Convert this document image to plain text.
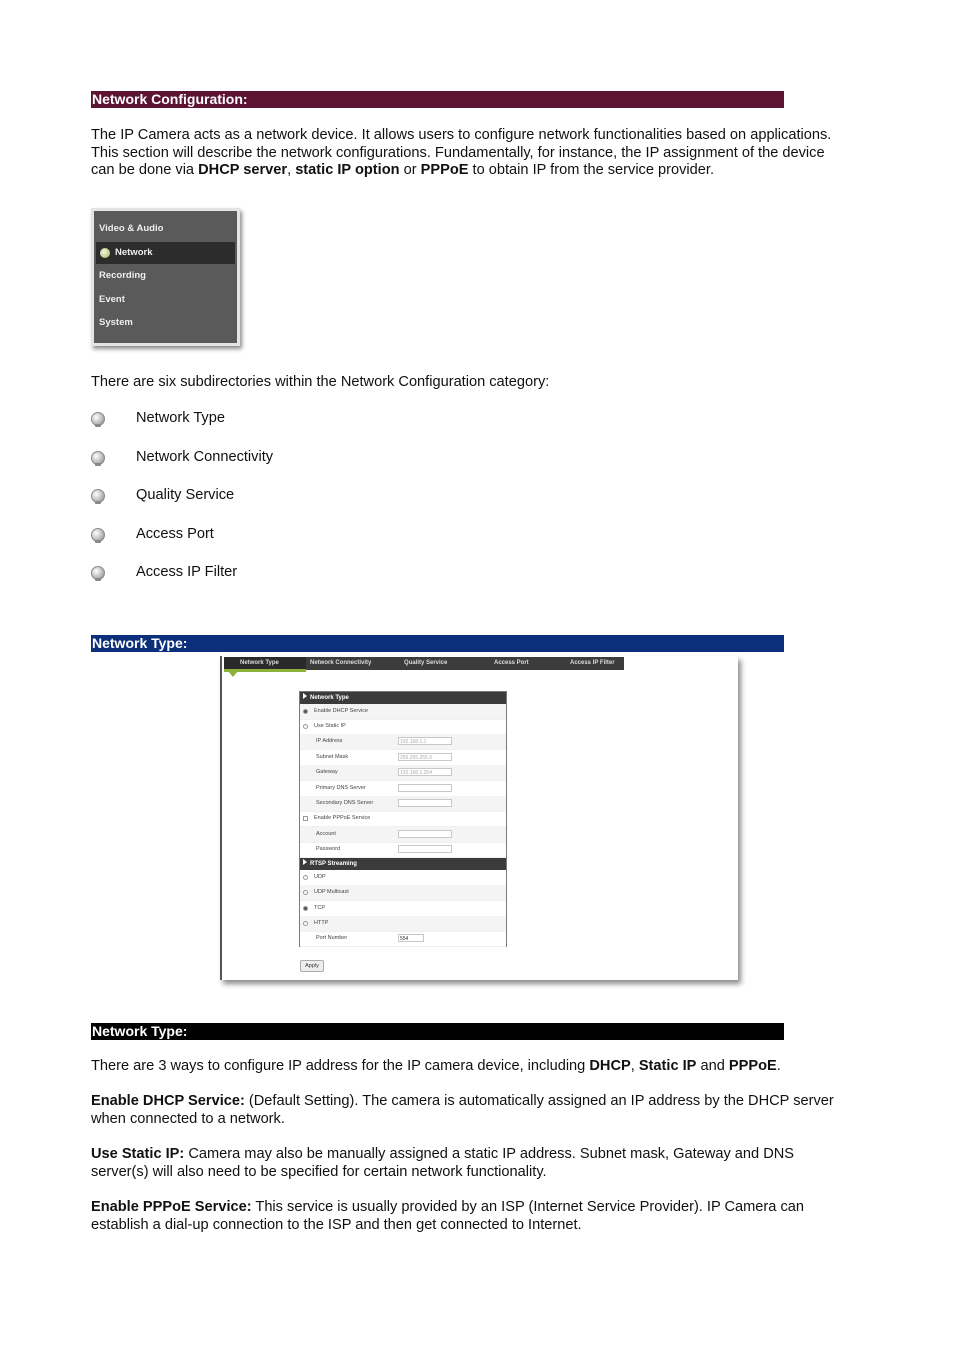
Network Configuration:

The IP Camera acts as a network device. It allows users to configure network functionalities based on applications. This section will describe the network configurations. Fundamentally, for instance, the IP assignment of the device can be done via DHCP server, static IP option or PPPoE to obtain IP from the service provider.

Video & Audio
Network
Recording
Event
System

There are six subdirectories within the Network Configuration category:

Network Type
Network Connectivity
Quality Service
Access Port
Access IP Filter
Network Type:
Network Type	Network Connectivity	Quality Service	Access Port	Access IP Filter
Network Type
Enable DHCP Service
Use Static IP
IP Address	192.168.1.1
Subnet Mask	255.255.255.0
Gateway	192.168.1.254
Primary DNS Server
Secondary DNS Server
Enable PPPoE Service
Account
Password
RTSP Streaming
UDP
UDP Multicast
TCP
HTTP
Port Number	554
Apply
Network Type:

There are 3 ways to configure IP address for the IP camera device, including DHCP, Static IP and PPPoE.

Enable DHCP Service: (Default Setting). The camera is automatically assigned an IP address by the DHCP server when connected to a network.

Use Static IP: Camera may also be manually assigned a static IP address. Subnet mask, Gateway and DNS server(s) will also need to be specified for certain network functionality.

Enable PPPoE Service: This service is usually provided by an ISP (Internet Service Provider). IP Camera can establish a dial-up connection to the ISP and then get connected to Internet.
